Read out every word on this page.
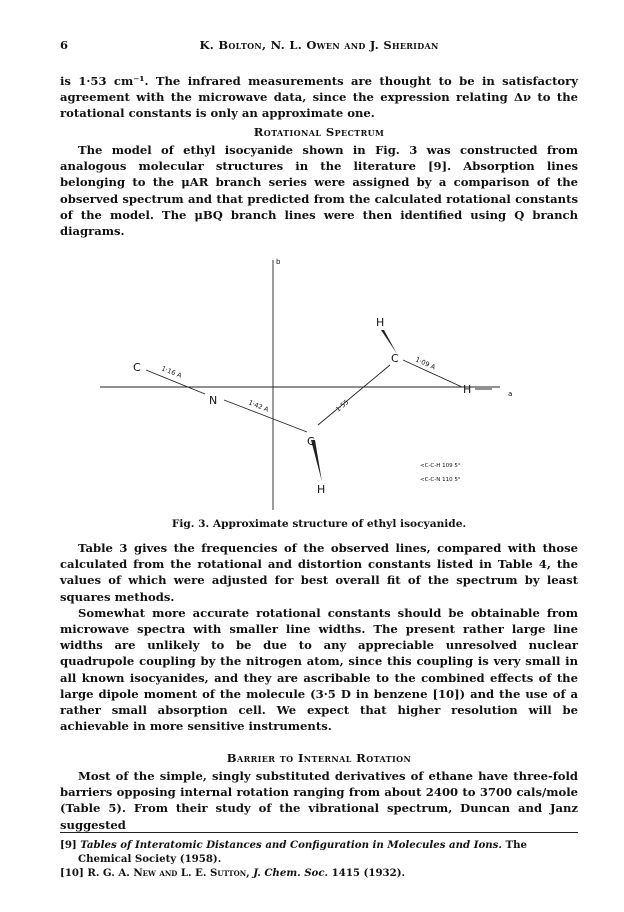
6	K. Bolton, N. L. Owen and J. Sheridan

is 1·53 cm⁻¹. The infrared measurements are thought to be in satisfactory agreement with the microwave data, since the expression relating Δν to the rotational constants is only an approximate one.

Rotational Spectrum

The model of ethyl isocyanide shown in Fig. 3 was constructed from analogous molecular structures in the literature [9]. Absorption lines belonging to the μAR branch series were assigned by a comparison of the observed spectrum and that predicted from the calculated rotational constants of the model. The μBQ branch lines were then identified using Q branch diagrams.

b
a
C
N
C
C
H
H
H
1·16 A
1·42 A	1·55
1·09 A
<C-C-H 109 5°
<C-C-N 110 5°
Fig. 3. Approximate structure of ethyl isocyanide.

Table 3 gives the frequencies of the observed lines, compared with those calculated from the rotational and distortion constants listed in Table 4, the values of which were adjusted for best overall fit of the spectrum by least squares methods.

Somewhat more accurate rotational constants should be obtainable from microwave spectra with smaller line widths. The present rather large line widths are unlikely to be due to any appreciable unresolved nuclear quadrupole coupling by the nitrogen atom, since this coupling is very small in all known isocyanides, and they are ascribable to the combined effects of the large dipole moment of the molecule (3·5 D in benzene [10]) and the use of a rather small absorption cell. We expect that higher resolution will be achievable in more sensitive instruments.

Barrier to Internal Rotation

Most of the simple, singly substituted derivatives of ethane have three-fold barriers opposing internal rotation ranging from about 2400 to 3700 cals/mole (Table 5). From their study of the vibrational spectrum, Duncan and Janz suggested

[9] Tables of Interatomic Distances and Configuration in Molecules and Ions. The Chemical Society (1958).
[10] R. G. A. New and L. E. Sutton, J. Chem. Soc. 1415 (1932).
